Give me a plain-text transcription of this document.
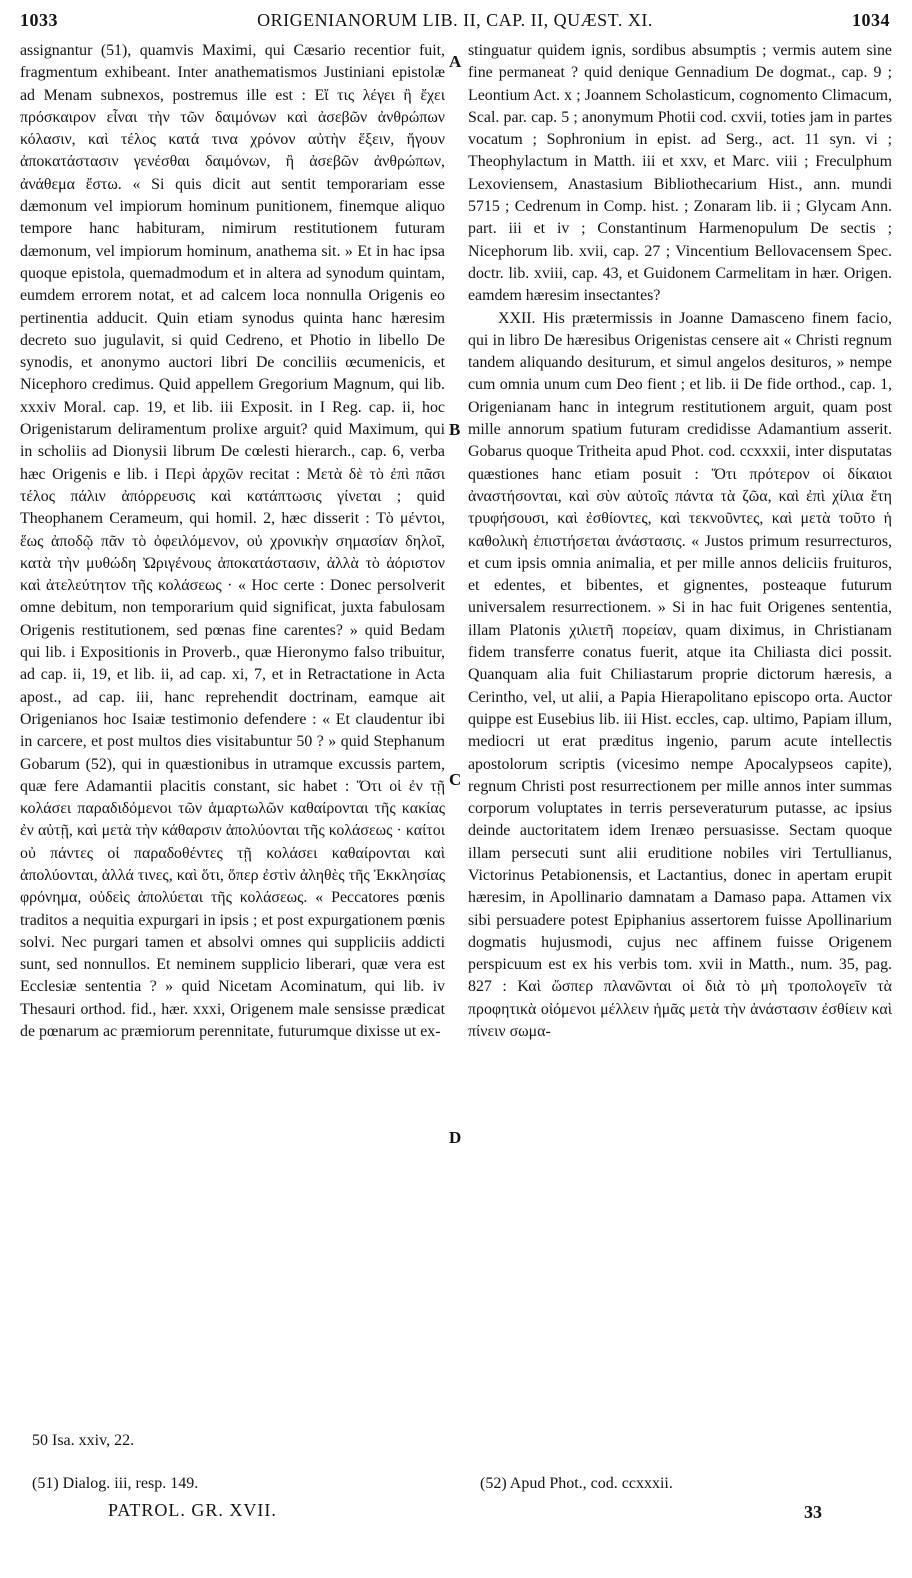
1033	ORIGENIANORUM LIB. II, CAP. II, QUÆST. XI.	1034

assignantur (51), quamvis Maximi, qui Cæsario recentior fuit, fragmentum exhibeant. Inter anathematismos Justiniani epistolæ ad Menam subnexos, postremus ille est : Εἴ τις λέγει ἢ ἔχει πρόσκαιρον εἶναι τὴν τῶν δαιμόνων καὶ ἀσεβῶν ἀνθρώπων κόλασιν, καὶ τέλος κατά τινα χρόνον αὐτὴν ἕξειν, ἤγουν ἀποκατάστασιν γενέσθαι δαιμόνων, ἢ ἀσεβῶν ἀνθρώπων, ἀνάθεμα ἔστω. « Si quis dicit aut sentit temporariam esse dæmonum vel impiorum hominum punitionem, finemque aliquo tempore hanc habituram, nimirum restitutionem futuram dæmonum, vel impiorum hominum, anathema sit. » Et in hac ipsa quoque epistola, quemadmodum et in altera ad synodum quintam, eumdem errorem notat, et ad calcem loca nonnulla Origenis eo pertinentia adducit. Quin etiam synodus quinta hanc hæresim decreto suo jugulavit, si quid Cedreno, et Photio in libello De synodis, et anonymo auctori libri De conciliis œcumenicis, et Nicephoro credimus. Quid appellem Gregorium Magnum, qui lib. xxxiv Moral. cap. 19, et lib. iii Exposit. in I Reg. cap. ii, hoc Origenistarum deliramentum prolixe arguit? quid Maximum, qui in scholiis ad Dionysii librum De cœlesti hierarch., cap. 6, verba hæc Origenis e lib. i Περὶ ἀρχῶν recitat : Μετὰ δὲ τὸ ἐπὶ πᾶσι τέλος πάλιν ἀπόρρευσις καὶ κατάπτωσις γίνεται ; quid Theophanem Cerameum, qui homil. 2, hæc disserit : Τὸ μέντοι, ἕως ἀποδῷ πᾶν τὸ ὀφειλόμενον, οὐ χρονικὴν σημασίαν δηλοῖ, κατὰ τὴν μυθώδη Ὠριγένους ἀποκατάστασιν, ἀλλὰ τὸ ἀόριστον καὶ ἀτελεύτητον τῆς κολάσεως · « Hoc certe : Donec persolverit omne debitum, non temporarium quid significat, juxta fabulosam Origenis restitutionem, sed pœnas fine carentes? » quid Bedam qui lib. i Expositionis in Proverb., quæ Hieronymo falso tribuitur, ad cap. ii, 19, et lib. ii, ad cap. xi, 7, et in Retractatione in Acta apost., ad cap. iii, hanc reprehendit doctrinam, eamque ait Origenianos hoc Isaiæ testimonio defendere : « Et claudentur ibi in carcere, et post multos dies visitabuntur 50 ? » quid Stephanum Gobarum (52), qui in quæstionibus in utramque excussis partem, quæ fere Adamantii placitis constant, sic habet : Ὅτι οἱ ἐν τῇ κολάσει παραδιδόμενοι τῶν ἁμαρτωλῶν καθαίρονται τῆς κακίας ἐν αὐτῇ, καὶ μετὰ τὴν κάθαρσιν ἀπολύονται τῆς κολάσεως · καίτοι οὐ πάντες οἱ παραδοθέντες τῇ κολάσει καθαίρονται καὶ ἀπολύονται, ἀλλά τινες, καὶ ὅτι, ὅπερ ἐστὶν ἀληθὲς τῆς Ἐκκλησίας φρόνημα, οὐδεὶς ἀπολύεται τῆς κολάσεως. « Peccatores pœnis traditos a nequitia expurgari in ipsis ; et post expurgationem pœnis solvi. Nec purgari tamen et absolvi omnes qui suppliciis addicti sunt, sed nonnullos. Et neminem supplicio liberari, quæ vera est Ecclesiæ sententia ? » quid Nicetam Acominatum, qui lib. iv Thesauri orthod. fid., hær. xxxi, Origenem male sensisse prædicat de pœnarum ac præmiorum perennitate, futurumque dixisse ut ex-

A
B
C
D

stinguatur quidem ignis, sordibus absumptis ; vermis autem sine fine permaneat ? quid denique Gennadium De dogmat., cap. 9 ; Leontium Act. x ; Joannem Scholasticum, cognomento Climacum, Scal. par. cap. 5 ; anonymum Photii cod. cxvii, toties jam in partes vocatum ; Sophronium in epist. ad Serg., act. 11 syn. vi ; Theophylactum in Matth. iii et xxv, et Marc. viii ; Freculphum Lexoviensem, Anastasium Bibliothecarium Hist., ann. mundi 5715 ; Cedrenum in Comp. hist. ; Zonaram lib. ii ; Glycam Ann. part. iii et iv ; Constantinum Harmenopulum De sectis ; Nicephorum lib. xvii, cap. 27 ; Vincentium Bellovacensem Spec. doctr. lib. xviii, cap. 43, et Guidonem Carmelitam in hær. Origen. eamdem hæresim insectantes?

XXII. His prætermissis in Joanne Damasceno finem facio, qui in libro De hæresibus Origenistas censere ait « Christi regnum tandem aliquando desiturum, et simul angelos desituros, » nempe cum omnia unum cum Deo fient ; et lib. ii De fide orthod., cap. 1, Origenianam hanc in integrum restitutionem arguit, quam post mille annorum spatium futuram credidisse Adamantium asserit. Gobarus quoque Tritheita apud Phot. cod. ccxxxii, inter disputatas quæstiones hanc etiam posuit : Ὅτι πρότερον οἱ δίκαιοι ἀναστήσονται, καὶ σὺν αὐτοῖς πάντα τὰ ζῶα, καὶ ἐπὶ χίλια ἔτη τρυφήσουσι, καὶ ἐσθίοντες, καὶ τεκνοῦντες, καὶ μετὰ τοῦτο ἡ καθολικὴ ἐπιστήσεται ἀνάστασις. « Justos primum resurrecturos, et cum ipsis omnia animalia, et per mille annos deliciis fruituros, et edentes, et bibentes, et gignentes, posteaque futurum universalem resurrectionem. » Si in hac fuit Origenes sententia, illam Platonis χιλιετῆ πορείαν, quam diximus, in Christianam fidem transferre conatus fuerit, atque ita Chiliasta dici possit. Quanquam alia fuit Chiliastarum proprie dictorum hæresis, a Cerintho, vel, ut alii, a Papia Hierapolitano episcopo orta. Auctor quippe est Eusebius lib. iii Hist. eccles, cap. ultimo, Papiam illum, mediocri ut erat præditus ingenio, parum acute intellectis apostolorum scriptis (vicesimo nempe Apocalypseos capite), regnum Christi post resurrectionem per mille annos inter summas corporum voluptates in terris perseveraturum putasse, ac ipsius deinde auctoritatem idem Irenæo persuasisse. Sectam quoque illam persecuti sunt alii eruditione nobiles viri Tertullianus, Victorinus Petabionensis, et Lactantius, donec in apertam erupit hæresim, in Apollinario damnatam a Damaso papa. Attamen vix sibi persuadere potest Epiphanius assertorem fuisse Apollinarium dogmatis hujusmodi, cujus nec affinem fuisse Origenem perspicuum est ex his verbis tom. xvii in Matth., num. 35, pag. 827 : Καὶ ὥσπερ πλανῶνται οἱ διὰ τὸ μὴ τροπολογεῖν τὰ προφητικὰ οἰόμενοι μέλλειν ἡμᾶς μετὰ τὴν ἀνάστασιν ἐσθίειν καὶ πίνειν σωμα-

50 Isa. xxiv, 22.
(51) Dialog. iii, resp. 149.	(52) Apud Phot., cod. ccxxxii.
PATROL. GR. XVII.	33
